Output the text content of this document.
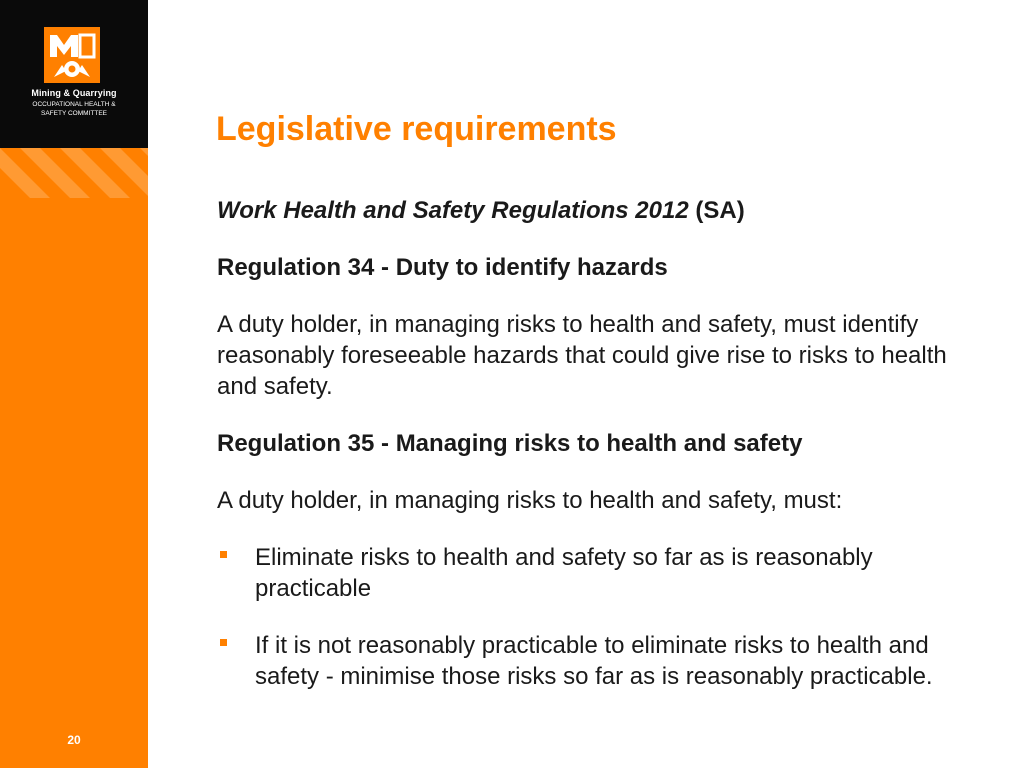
Mining & Quarrying
OCCUPATIONAL HEALTH &
SAFETY COMMITTEE
20
Legislative requirements

Work Health and Safety Regulations 2012 (SA)

Regulation 34 - Duty to identify hazards

A duty holder, in managing risks to health and safety, must identify reasonably foreseeable hazards that could give rise to risks to health and safety.

Regulation 35 - Managing risks to health and safety

A duty holder, in managing risks to health and safety, must:

Eliminate risks to health and safety so far as is reasonably practicable
If it is not reasonably practicable to eliminate risks to health and safety - minimise those risks so far as is reasonably practicable.
